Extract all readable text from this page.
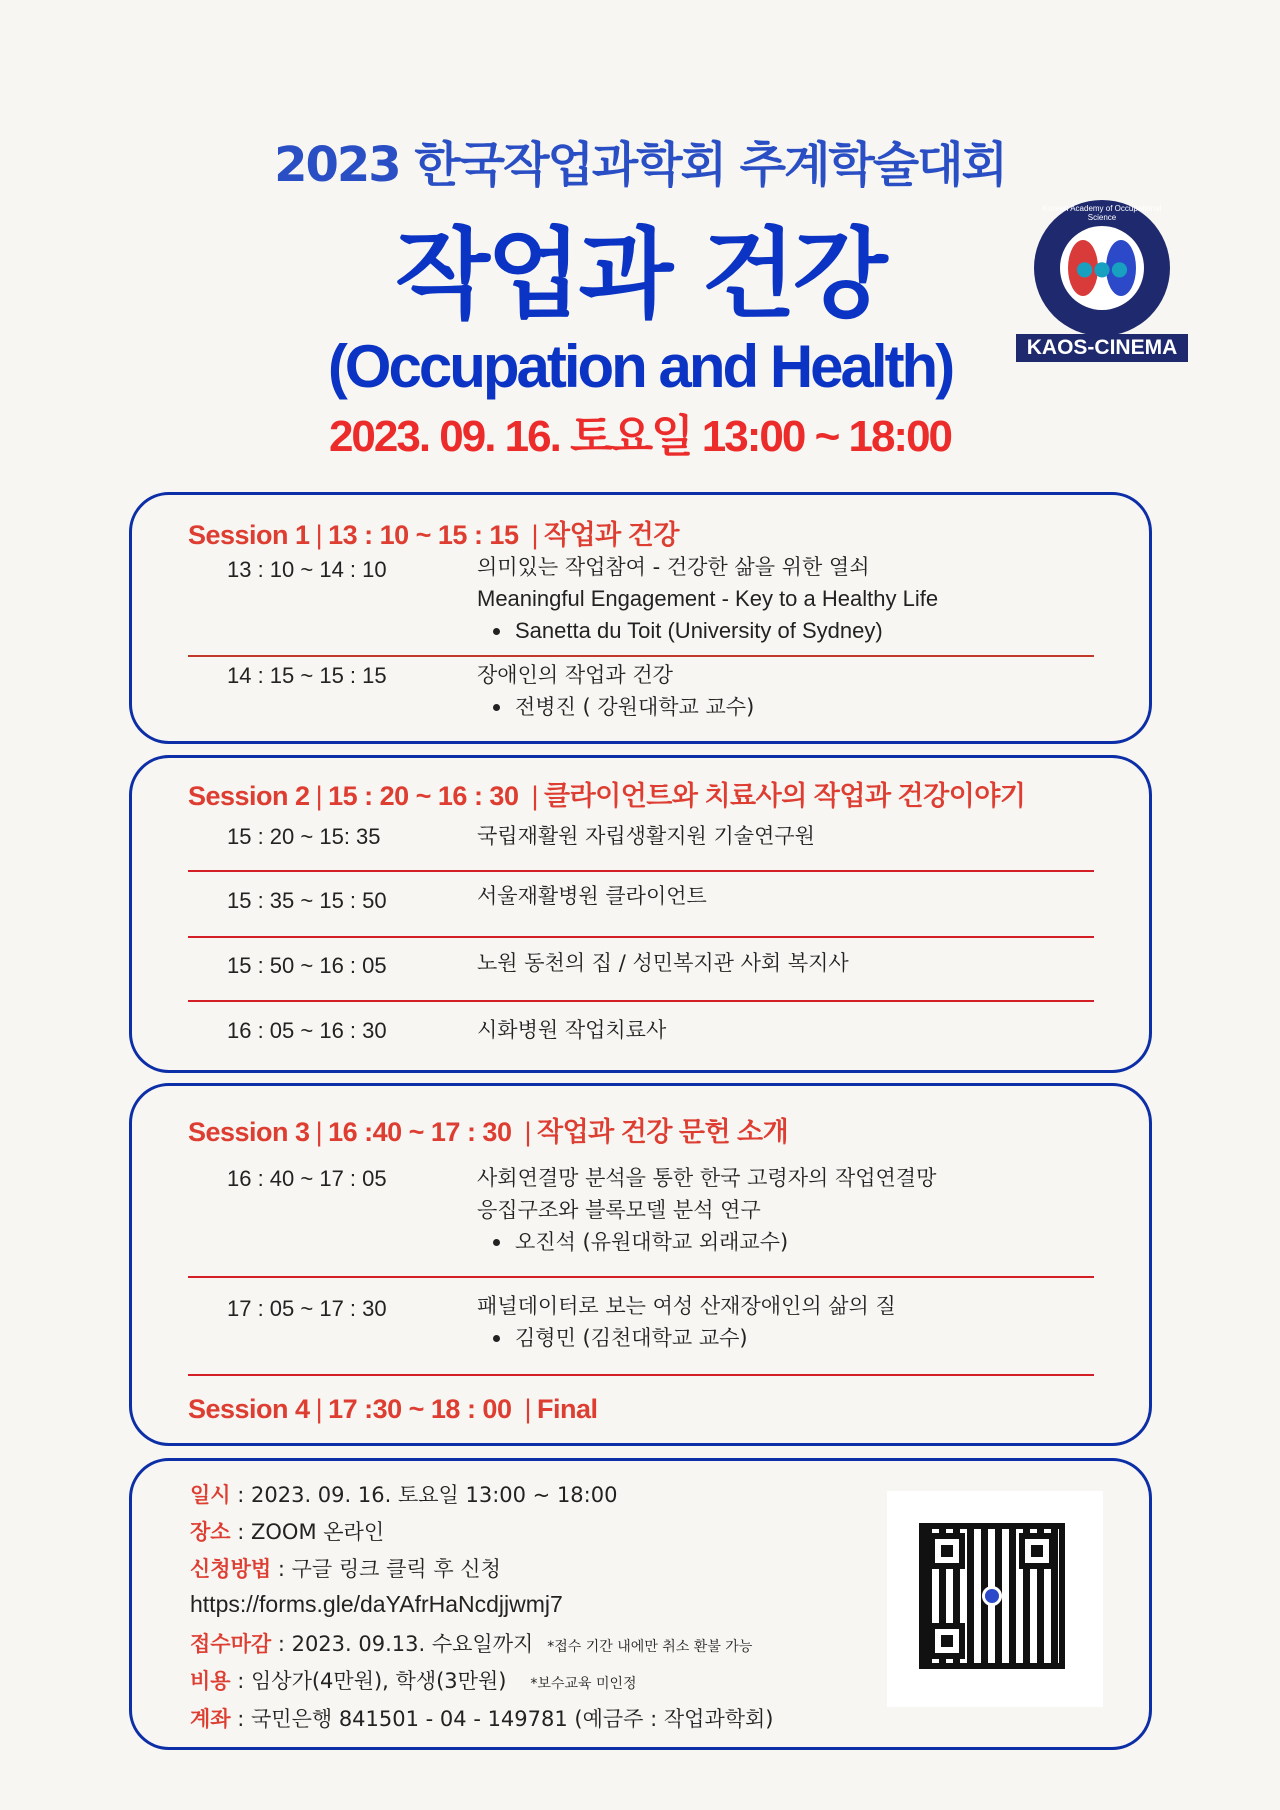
2023 한국작업과학회 추계학술대회
작업과 건강
(Occupation and Health)
2023. 09. 16. 토요일 13:00 ~ 18:00
●●●
Korean Academy of Occupational Science
KAOS-CINEMA
Session 1 | 13 : 10 ~ 15 : 15 | 작업과 건강
13 : 10 ~ 14 : 10	의미있는 작업참여 - 건강한 삶을 위한 열쇠
Meaningful Engagement - Key to a Healthy Life
Sanetta du Toit (University of Sydney)
14 : 15 ~ 15 : 15	장애인의 작업과 건강
전병진 ( 강원대학교 교수)
Session 2 | 15 : 20 ~ 16 : 30 | 클라이언트와 치료사의 작업과 건강이야기
15 : 20 ~ 15: 35	국립재활원 자립생활지원 기술연구원
15 : 35 ~ 15 : 50	서울재활병원 클라이언트
15 : 50 ~ 16 : 05	노원 동천의 집 / 성민복지관 사회 복지사
16 : 05 ~ 16 : 30	시화병원 작업치료사
Session 3 | 16 :40 ~ 17 : 30 | 작업과 건강 문헌 소개
16 : 40 ~ 17 : 05	사회연결망 분석을 통한 한국 고령자의 작업연결망
응집구조와 블록모델 분석 연구
오진석 (유원대학교 외래교수)
17 : 05 ~ 17 : 30	패널데이터로 보는 여성 산재장애인의 삶의 질
김형민 (김천대학교 교수)
Session 4 | 17 :30 ~ 18 : 00 | Final
일시 : 2023. 09. 16. 토요일 13:00 ~ 18:00
장소 : ZOOM 온라인
신청방법 : 구글 링크 클릭 후 신청
https://forms.gle/daYAfrHaNcdjjwmj7
접수마감 : 2023. 09.13. 수요일까지 *접수 기간 내에만 취소 환불 가능
비용 : 임상가(4만원), 학생(3만원) *보수교육 미인정
계좌 : 국민은행 841501 - 04 - 149781 (예금주 : 작업과학회)
